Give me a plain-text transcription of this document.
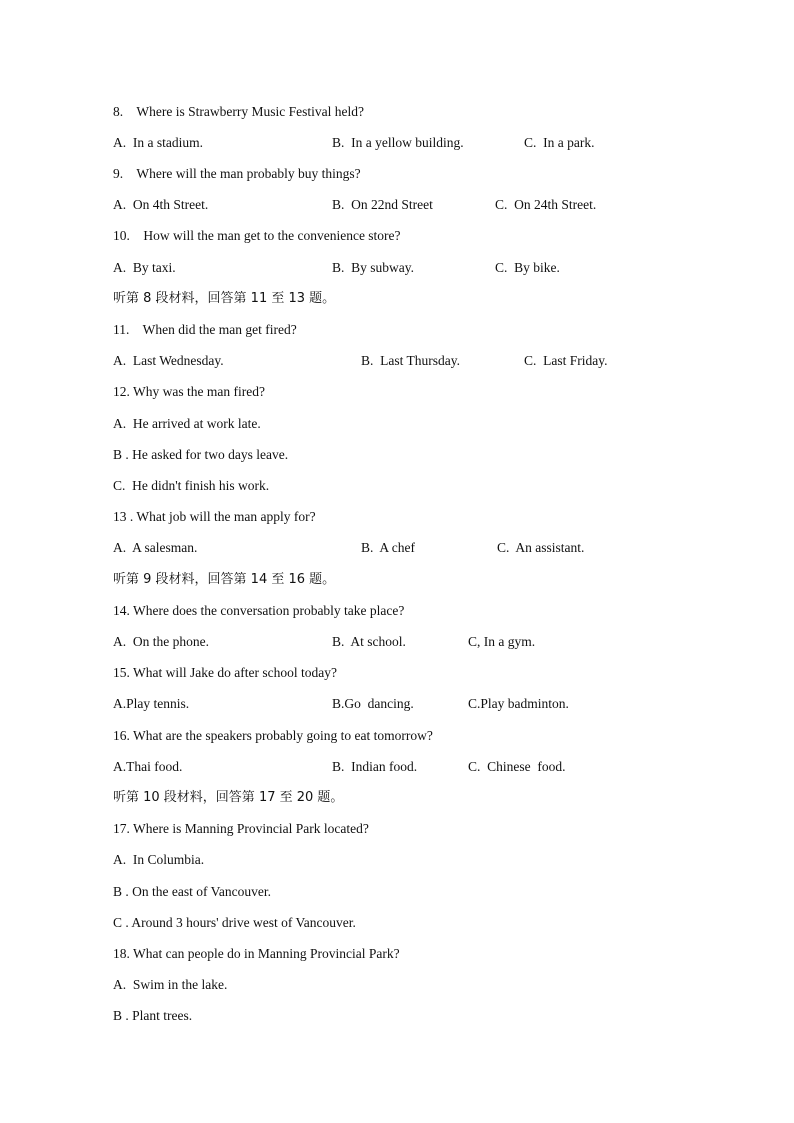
8.    Where is Strawberry Music Festival held?
A.  In a stadium.	B.  In a yellow building.	C.  In a park.
9.    Where will the man probably buy things?
A.  On 4th Street.	B.  On 22nd Street	C.  On 24th Street.
10.    How will the man get to the convenience store?
A.  By taxi.	B.  By subway.	C.  By bike.
听第 8 段材料，回答第 11 至 13 题。
11.    When did the man get fired?
A.  Last Wednesday.	B.  Last Thursday.	C.  Last Friday.
12. Why was the man fired?
A.  He arrived at work late.
B . He asked for two days leave.
C.  He didn't finish his work.
13 . What job will the man apply for?
A.  A salesman.	B.  A chef	C.  An assistant.
听第 9 段材料，回答第 14 至 16 题。
14. Where does the conversation probably take place?
A.  On the phone.	B.  At school.	C, In a gym.
15. What will Jake do after school today?
A.Play tennis.	B.Go  dancing.	C.Play badminton.
16. What are the speakers probably going to eat tomorrow?
A.Thai food.	B.  Indian food.	C.  Chinese  food.
听第 10 段材料，回答第 17 至 20 题。
17. Where is Manning Provincial Park located?
A.  In Columbia.
B . On the east of Vancouver.
C . Around 3 hours' drive west of Vancouver.
18. What can people do in Manning Provincial Park?
A.  Swim in the lake.
B . Plant trees.
